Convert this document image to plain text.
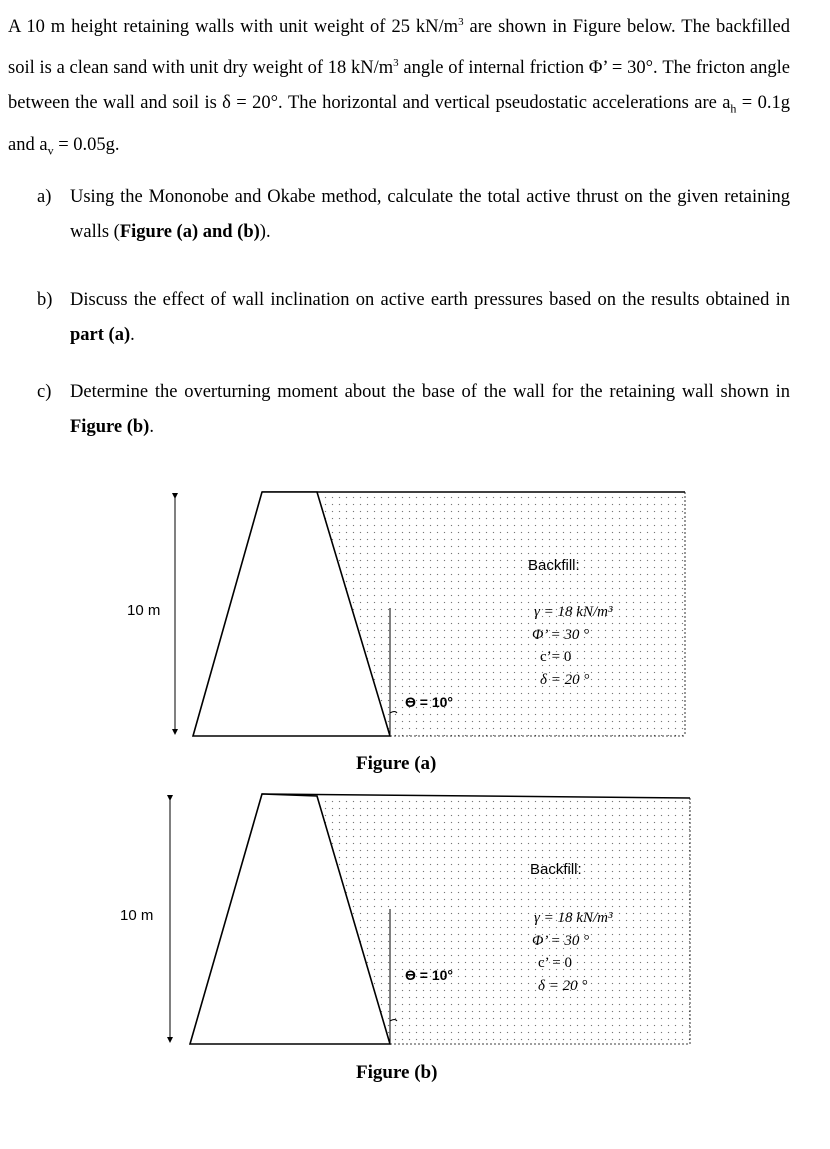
A 10 m height retaining walls with unit weight of 25 $kN/m^3$ are shown in Figure below. The backfilled soil is a clean sand with unit dry weight of 18 $kN/m^3$ angle of internal friction Φ’ = 30°. The fricton angle between the wall and soil is δ = 20°. The horizontal and vertical pseudostatic accelerations are $a_h = 0.1g$ and $a_v = 0.05g$.

a) Using the Mononobe and Okabe method, calculate the total active thrust on the given retaining walls (Figure (a) and (b)).
b) Discuss the effect of wall inclination on active earth pressures based on the results obtained in part (a).
c) Determine the overturning moment about the base of the wall for the retaining wall shown in Figure (b).
10 m
ϴ = 10°
Backfill:
γ = 18 kN/m³
Φ’ = 30 °
c’= 0
δ = 20 °
Figure (a)
10 m
ϴ = 10°
Backfill:
γ = 18 kN/m³
Φ’ = 30 °
c’ = 0
δ = 20 °
Figure (b)
